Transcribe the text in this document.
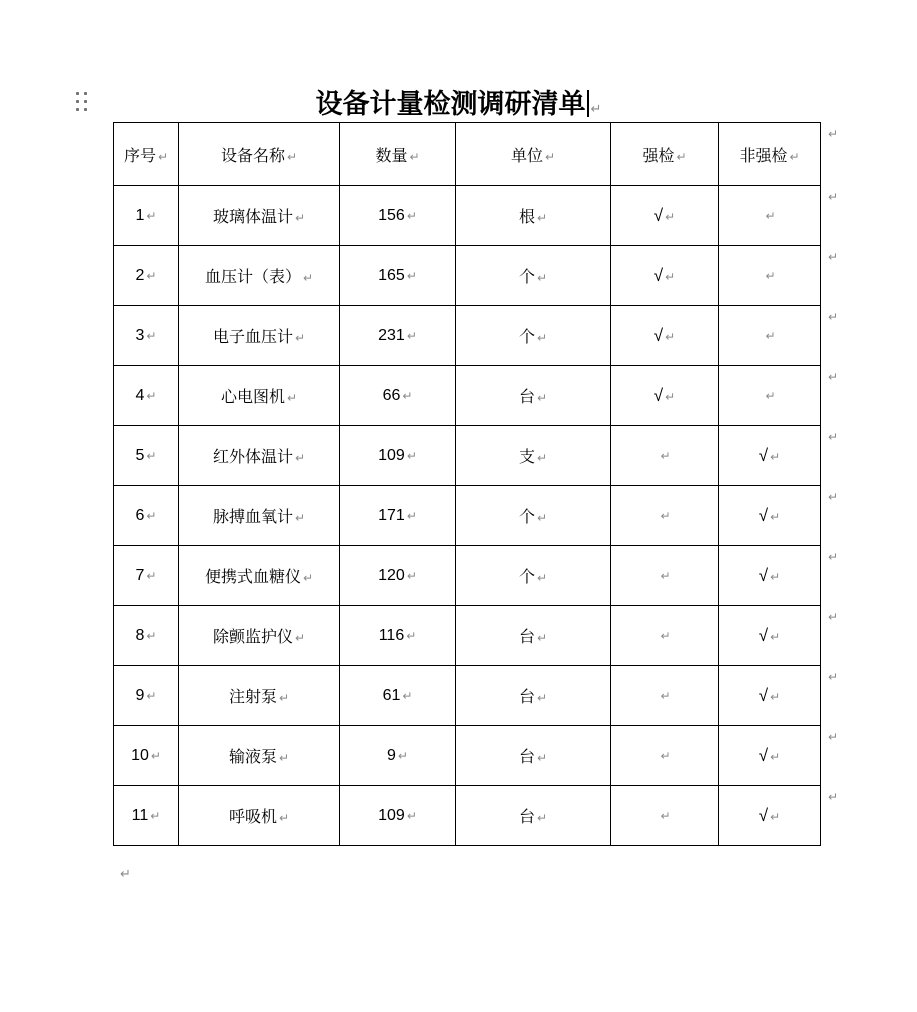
设备计量检测调研清单 ↵
序号 ↵	设备名称 ↵	数量 ↵	单位 ↵	强检 ↵	非强检 ↵
↵

1 ↵	玻璃体温计 ↵	156 ↵	根 ↵	√ ↵	↵
↵

2 ↵	血压计（表） ↵	165 ↵	个 ↵	√ ↵	↵
↵

3 ↵	电子血压计 ↵	231 ↵	个 ↵	√ ↵	↵
↵

4 ↵	心电图机 ↵	66 ↵	台 ↵	√ ↵	↵
↵

5 ↵	红外体温计 ↵	109 ↵	支 ↵	↵	√ ↵
↵

6 ↵	脉搏血氧计 ↵	171 ↵	个 ↵	↵	√ ↵
↵

7 ↵	便携式血糖仪 ↵	120 ↵	个 ↵	↵	√ ↵
↵

8 ↵	除颤监护仪 ↵	116 ↵	台 ↵	↵	√ ↵
↵

9 ↵	注射泵 ↵	61 ↵	台 ↵	↵	√ ↵
↵

10 ↵	输液泵 ↵	9 ↵	台 ↵	↵	√ ↵
↵

11 ↵	呼吸机 ↵	109 ↵	台 ↵	↵	√ ↵
↵
↵
